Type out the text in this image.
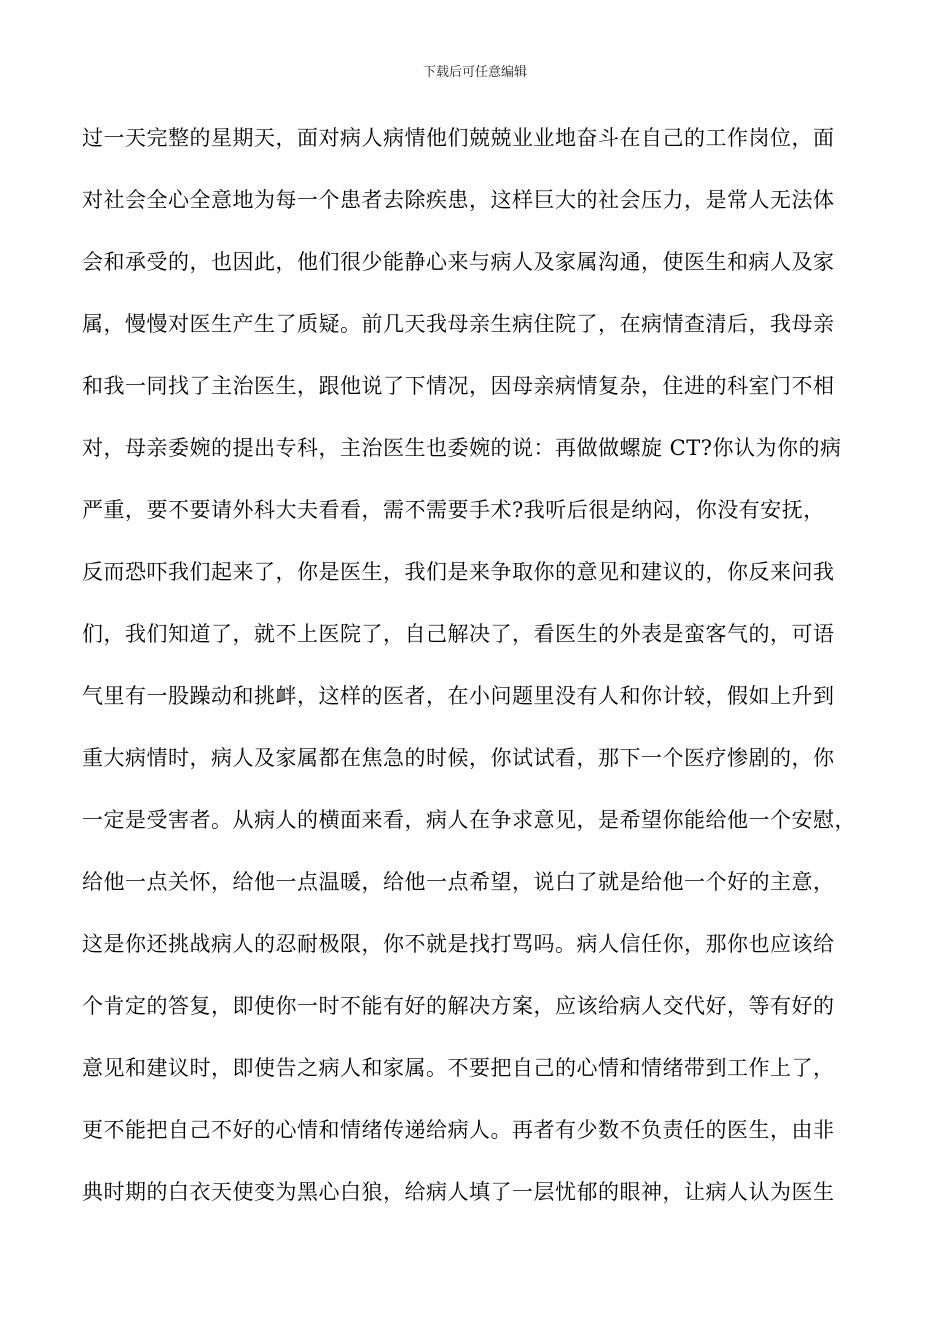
下载后可任意编辑
过一天完整的星期天，面对病人病情他们兢兢业业地奋斗在自己的工作岗位，面
对社会全心全意地为每一个患者去除疾患，这样巨大的社会压力，是常人无法体
会和承受的，也因此，他们很少能静心来与病人及家属沟通，使医生和病人及家
属，慢慢对医生产生了质疑。前几天我母亲生病住院了，在病情查清后，我母亲
和我一同找了主治医生，跟他说了下情况，因母亲病情复杂，住进的科室门不相
对，母亲委婉的提出专科，主治医生也委婉的说：再做做螺旋 CT?你认为你的病
严重，要不要请外科大夫看看，需不需要手术?我听后很是纳闷，你没有安抚，
反而恐吓我们起来了，你是医生，我们是来争取你的意见和建议的，你反来问我
们，我们知道了，就不上医院了，自己解决了，看医生的外表是蛮客气的，可语
气里有一股躁动和挑衅，这样的医者，在小问题里没有人和你计较，假如上升到
重大病情时，病人及家属都在焦急的时候，你试试看，那下一个医疗惨剧的，你
一定是受害者。从病人的横面来看，病人在争求意见，是希望你能给他一个安慰，
给他一点关怀，给他一点温暖，给他一点希望，说白了就是给他一个好的主意，
这是你还挑战病人的忍耐极限，你不就是找打骂吗。病人信任你，那你也应该给
个肯定的答复，即使你一时不能有好的解决方案，应该给病人交代好，等有好的
意见和建议时，即使告之病人和家属。不要把自己的心情和情绪带到工作上了，
更不能把自己不好的心情和情绪传递给病人。再者有少数不负责任的医生，由非
典时期的白衣天使变为黑心白狼，给病人填了一层忧郁的眼神，让病人认为医生
